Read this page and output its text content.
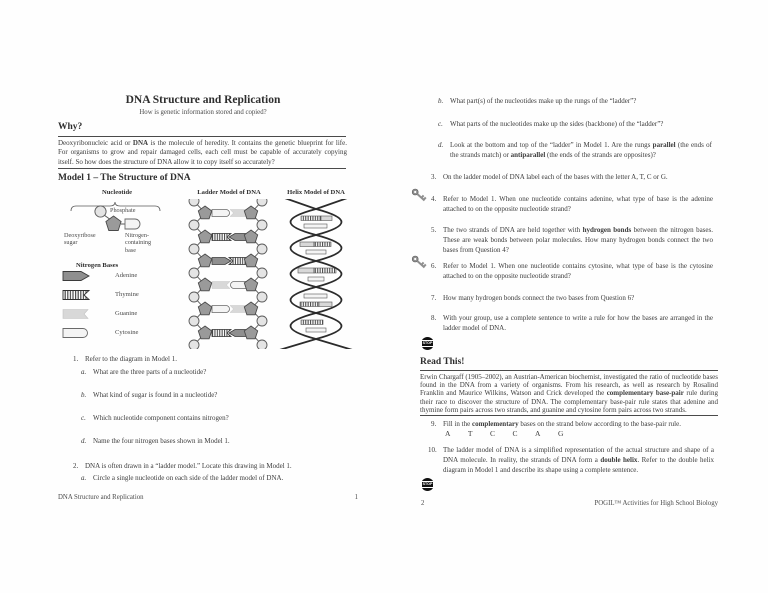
DNA Structure and Replication
How is genetic information stored and copied?
Why?
Deoxyribonucleic acid or DNA is the molecule of heredity. It contains the genetic blueprint for life. For organisms to grow and repair damaged cells, each cell must be capable of accurately copying itself. So how does the structure of DNA allow it to copy itself so accurately?
Model 1 – The Structure of DNA
Nucleotide
Phosphate
Deoxyribose
sugar
Nitrogen-
containing
base
Nitrogen Bases
Adenine
Thymine
Guanine
Cytosine
Ladder Model of DNA	Helix Model of DNA
1. Refer to the diagram in Model 1.
a. What are the three parts of a nucleotide?
b. What kind of sugar is found in a nucleotide?
c. Which nucleotide component contains nitrogen?
d. Name the four nitrogen bases shown in Model 1.
2. DNA is often drawn in a “ladder model.” Locate this drawing in Model 1.
a. Circle a single nucleotide on each side of the ladder model of DNA.
DNA Structure and Replication	1
b. What part(s) of the nucleotides make up the rungs of the “ladder”?
c. What parts of the nucleotides make up the sides (backbone) of the “ladder”?
d. Look at the bottom and top of the “ladder” in Model 1. Are the rungs parallel (the ends of the strands match) or antiparallel (the ends of the strands are opposites)?
3. On the ladder model of DNA label each of the bases with the letter A, T, C or G.
4. Refer to Model 1. When one nucleotide contains adenine, what type of base is the adenine attached to on the opposite nucleotide strand?
5. The two strands of DNA are held together with hydrogen bonds between the nitrogen bases. These are weak bonds between polar molecules. How many hydrogen bonds connect the two bases from Question 4?
6. Refer to Model 1. When one nucleotide contains cytosine, what type of base is the cytosine attached to on the opposite nucleotide strand?
7. How many hydrogen bonds connect the two bases from Question 6?
8. With your group, use a complete sentence to write a rule for how the bases are arranged in the ladder model of DNA.
STOP
Read This!
Erwin Chargaff (1905–2002), an Austrian-American biochemist, investigated the ratio of nucleotide bases found in the DNA from a variety of organisms. From his research, as well as research by Rosalind Franklin and Maurice Wilkins, Watson and Crick developed the complementary base-pair rule during their race to discover the structure of DNA. The complementary base-pair rule states that adenine and thymine form pairs across two strands, and guanine and cytosine form pairs across two strands.
9. Fill in the complementary bases on the strand below according to the base-pair rule.
A T C C A G
10. The ladder model of DNA is a simplified representation of the actual structure and shape of a DNA molecule. In reality, the strands of DNA form a double helix. Refer to the double helix diagram in Model 1 and describe its shape using a complete sentence.
STOP
2	POGIL™ Activities for High School Biology
